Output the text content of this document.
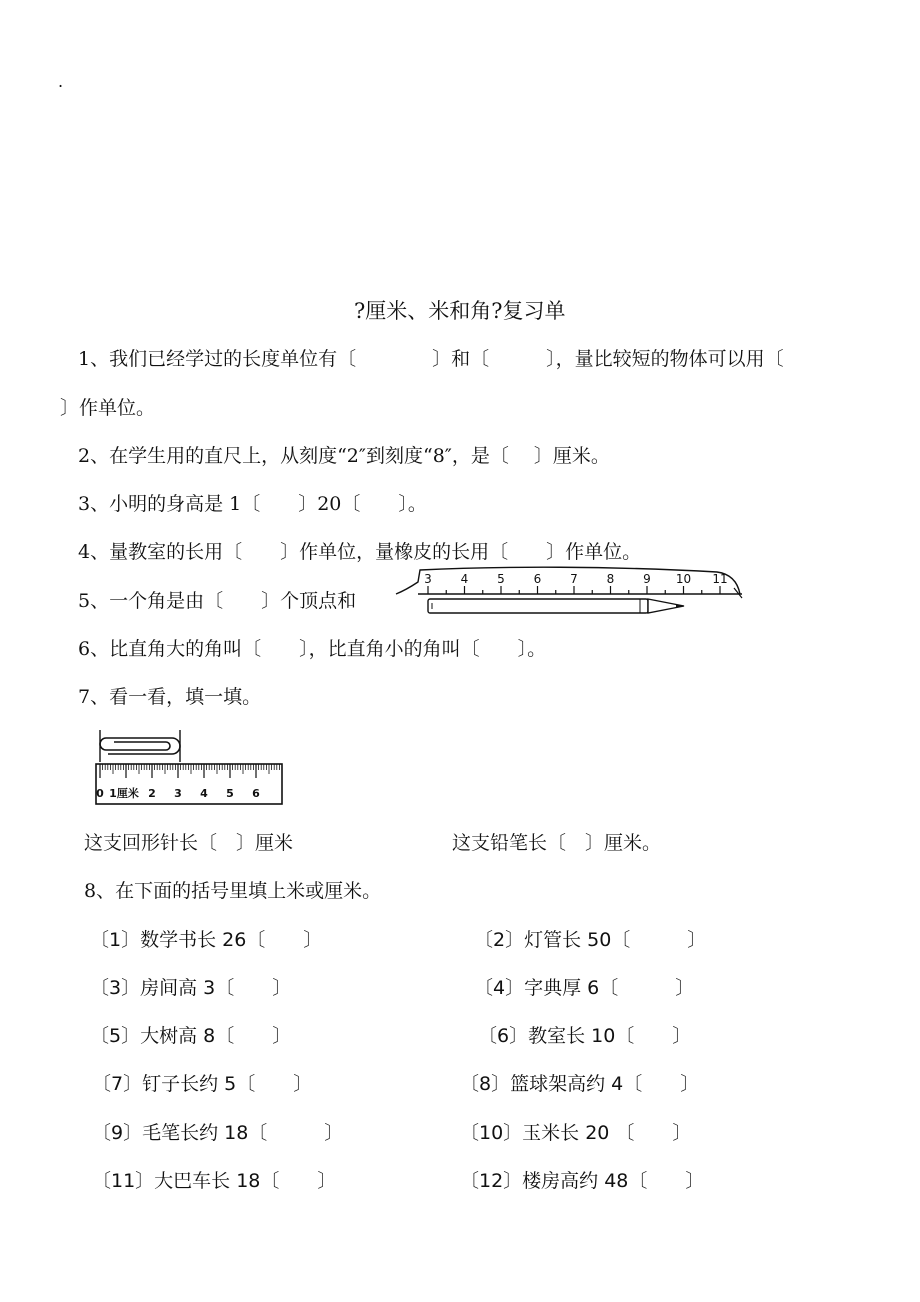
.
?厘米、米和角?复习单
1、我们已经学过的长度单位有〔　　　　〕和〔　　　〕，量比较短的物体可以用〔
〕作单位。
2、在学生用的直尺上，从刻度“2″到刻度“8″，是〔　 〕厘米。
3、小明的身高是 1〔　　〕20〔　　〕。
4、量教室的长用〔　　〕作单位，量橡皮的长用〔　　〕作单位。
5、一个角是由〔　　〕个顶点和
3 4 5 6 7 8 9 10 11
6、比直角大的角叫〔　　〕，比直角小的角叫〔　　〕。
7、看一看，填一填。
0 1厘米 2 3 4 5 6
这支回形针长〔　〕厘米	这支铅笔长〔　〕厘米。
8、在下面的括号里填上米或厘米。
〔1〕数学书长 26〔　　〕	〔2〕灯管长 50〔　　　〕
〔3〕房间高 3〔　　〕	〔4〕字典厚 6〔　　　〕
〔5〕大树高 8〔　　〕	〔6〕教室长 10〔　　〕
〔7〕钉子长约 5〔　　〕	〔8〕篮球架高约 4〔　　〕
〔9〕毛笔长约 18〔　　　〕	〔10〕玉米长 20 〔　　〕
〔11〕大巴车长 18〔　　〕	〔12〕楼房高约 48〔　　〕
